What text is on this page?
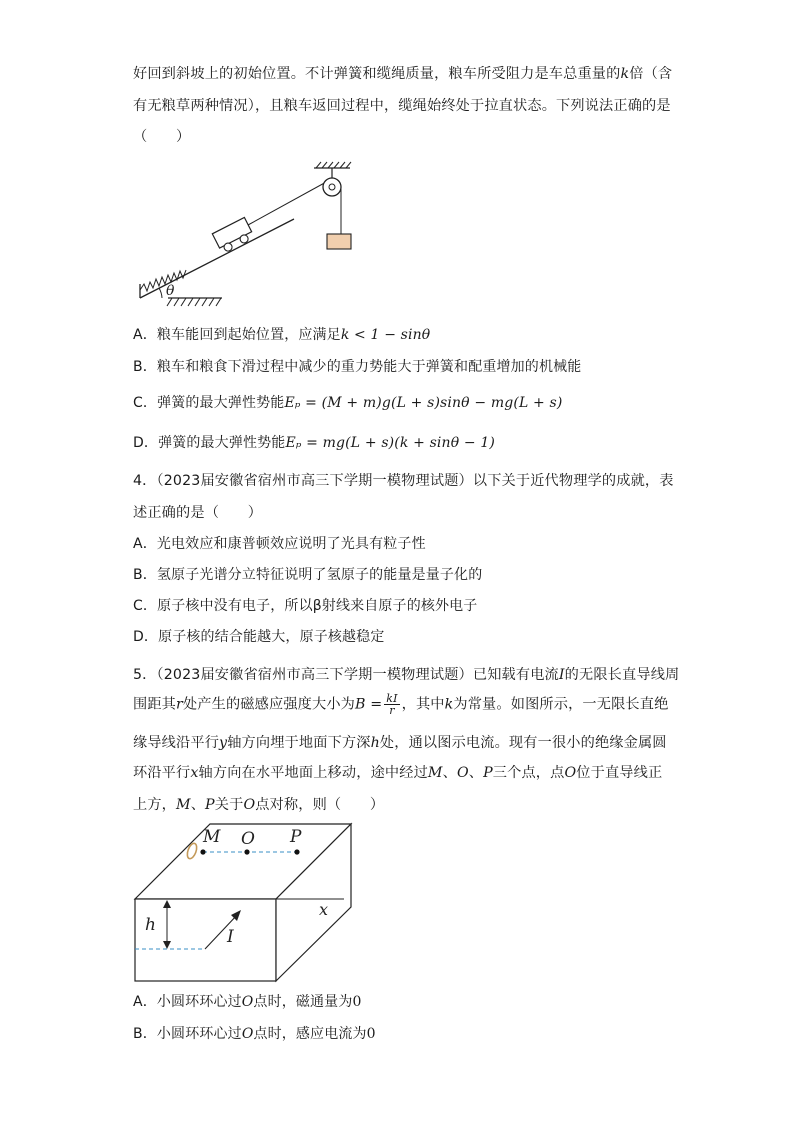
好回到斜坡上的初始位置。不计弹簧和缆绳质量，粮车所受阻力是车总重量的k倍（含
有无粮草两种情况），且粮车返回过程中，缆绳始终处于拉直状态。下列说法正确的是
（　　）
θ
A．粮车能回到起始位置，应满足k < 1 − sinθ
B．粮车和粮食下滑过程中减少的重力势能大于弹簧和配重增加的机械能
C．弹簧的最大弹性势能Eₚ = (M + m)g(L + s)sinθ − mg(L + s)
D．弹簧的最大弹性势能Eₚ = mg(L + s)(k + sinθ − 1)
4．（2023届安徽省宿州市高三下学期一模物理试题）以下关于近代物理学的成就，表
述正确的是（　　）
A．光电效应和康普顿效应说明了光具有粒子性
B．氢原子光谱分立特征说明了氢原子的能量是量子化的
C．原子核中没有电子，所以β射线来自原子的核外电子
D．原子核的结合能越大，原子核越稳定
5．（2023届安徽省宿州市高三下学期一模物理试题）已知载有电流I的无限长直导线周
围距其r处产生的磁感应强度大小为$B = \frac{kI}{r}$ ，其中k为常量。如图所示，一无限长直绝
缘导线沿平行y轴方向埋于地面下方深h处，通以图示电流。现有一很小的绝缘金属圆
环沿平行x轴方向在水平地面上移动，途中经过M、O、P三个点，点O位于直导线正
上方，M、P关于O点对称，则（　　）
x
M O P
h
I
A．小圆环环心过O点时，磁通量为0
B．小圆环环心过O点时，感应电流为0
